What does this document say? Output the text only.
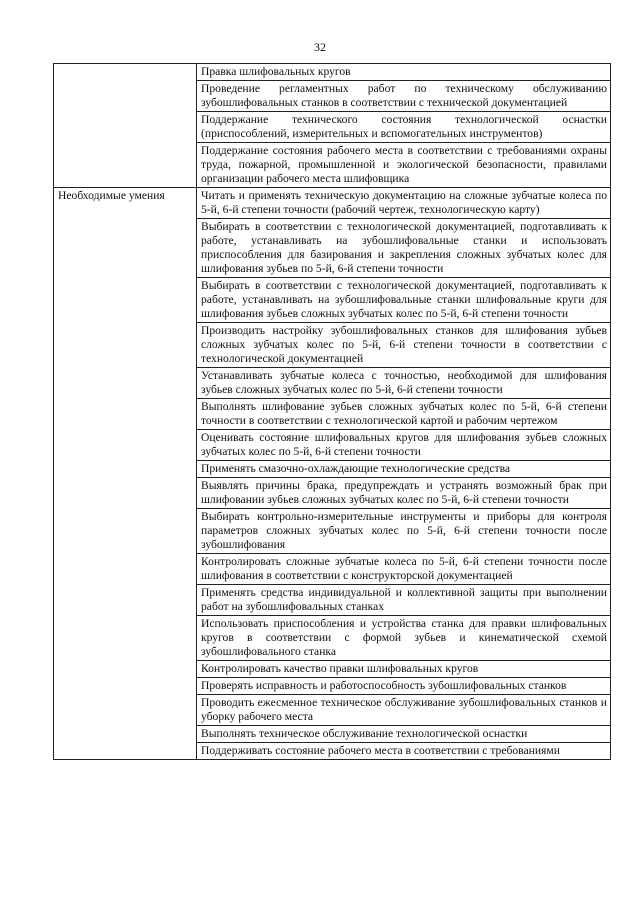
32
	Правка шлифовальных кругов
	Проведение регламентных работ по техническому обслуживанию зубошлифовальных станков в соответствии с технической документацией
	Поддержание технического состояния технологической оснастки (приспособлений, измерительных и вспомогательных инструментов)
	Поддержание состояния рабочего места в соответствии с требованиями охраны труда, пожарной, промышленной и экологической безопасности, правилами организации рабочего места шлифовщика
Необходимые умения	Читать и применять техническую документацию на сложные зубчатые колеса по 5-й, 6-й степени точности (рабочий чертеж, технологическую карту)
	Выбирать в соответствии с технологической документацией, подготавливать к работе, устанавливать на зубошлифовальные станки и использовать приспособления для базирования и закрепления сложных зубчатых колес для шлифования зубьев по 5-й, 6-й степени точности
	Выбирать в соответствии с технологической документацией, подготавливать к работе, устанавливать на зубошлифовальные станки шлифовальные круги для шлифования зубьев сложных зубчатых колес по 5-й, 6-й степени точности
	Производить настройку зубошлифовальных станков для шлифования зубьев сложных зубчатых колес по 5-й, 6-й степени точности в соответствии с технологической документацией
	Устанавливать зубчатые колеса с точностью, необходимой для шлифования зубьев сложных зубчатых колес по 5-й, 6-й степени точности
	Выполнять шлифование зубьев сложных зубчатых колес по 5-й, 6-й степени точности в соответствии с технологической картой и рабочим чертежом
	Оценивать состояние шлифовальных кругов для шлифования зубьев сложных зубчатых колес по 5-й, 6-й степени точности
	Применять смазочно-охлаждающие технологические средства
	Выявлять причины брака, предупреждать и устранять возможный брак при шлифовании зубьев сложных зубчатых колес по 5-й, 6-й степени точности
	Выбирать контрольно-измерительные инструменты и приборы для контроля параметров сложных зубчатых колес по 5-й, 6-й степени точности после зубошлифования
	Контролировать сложные зубчатые колеса по 5-й, 6-й степени точности после шлифования в соответствии с конструкторской документацией
	Применять средства индивидуальной и коллективной защиты при выполнении работ на зубошлифовальных станках
	Использовать приспособления и устройства станка для правки шлифовальных кругов в соответствии с формой зубьев и кинематической схемой зубошлифовального станка
	Контролировать качество правки шлифовальных кругов
	Проверять исправность и работоспособность зубошлифовальных станков
	Проводить ежесменное техническое обслуживание зубошлифовальных станков и уборку рабочего места
	Выполнять техническое обслуживание технологической оснастки
	Поддерживать состояние рабочего места в соответствии с требованиями
